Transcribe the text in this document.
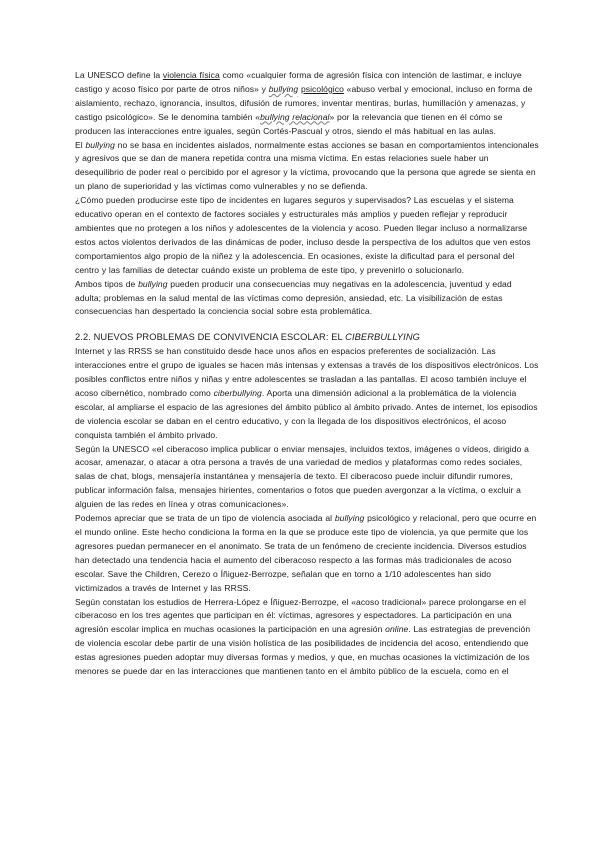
La UNESCO define la violencia física como «cualquier forma de agresión física con intención de lastimar, e incluye castigo y acoso físico por parte de otros niños» y bullying psicológico «abuso verbal y emocional, incluso en forma de aislamiento, rechazo, ignorancia, insultos, difusión de rumores, inventar mentiras, burlas, humillación y amenazas, y castigo psicológico». Se le denomina también «bullying relacional» por la relevancia que tienen en él cómo se producen las interacciones entre iguales, según Cortés-Pascual y otros, siendo el más habitual en las aulas.

El bullying no se basa en incidentes aislados, normalmente estas acciones se basan en comportamientos intencionales y agresivos que se dan de manera repetida contra una misma víctima. En estas relaciones suele haber un desequilibrio de poder real o percibido por el agresor y la víctima, provocando que la persona que agrede se sienta en un plano de superioridad y las víctimas como vulnerables y no se defienda.

¿Cómo pueden producirse este tipo de incidentes en lugares seguros y supervisados? Las escuelas y el sistema educativo operan en el contexto de factores sociales y estructurales más amplios y pueden reflejar y reproducir ambientes que no protegen a los niños y adolescentes de la violencia y acoso. Pueden llegar incluso a normalizarse estos actos violentos derivados de las dinámicas de poder, incluso desde la perspectiva de los adultos que ven estos comportamientos algo propio de la niñez y la adolescencia. En ocasiones, existe la dificultad para el personal del centro y las familias de detectar cuándo existe un problema de este tipo, y prevenirlo o solucionarlo.

Ambos tipos de bullying pueden producir una consecuencias muy negativas en la adolescencia, juventud y edad adulta; problemas en la salud mental de las víctimas como depresión, ansiedad, etc. La visibilización de estas consecuencias han despertado la conciencia social sobre esta problemática.

2.2. NUEVOS PROBLEMAS DE CONVIVENCIA ESCOLAR: EL CIBERBULLYING

Internet y las RRSS se han constituido desde hace unos años en espacios preferentes de socialización. Las interacciones entre el grupo de iguales se hacen más intensas y extensas a través de los dispositivos electrónicos. Los posibles conflictos entre niños y niñas y entre adolescentes se trasladan a las pantallas. El acoso también incluye el acoso cibernético, nombrado como ciberbullying. Aporta una dimensión adicional a la problemática de la violencia escolar, al ampliarse el espacio de las agresiones del ámbito público al ámbito privado. Antes de internet, los episodios de violencia escolar se daban en el centro educativo, y con la llegada de los dispositivos electrónicos, el acoso conquista también el ámbito privado.

Según la UNESCO «el ciberacoso implica publicar o enviar mensajes, incluidos textos, imágenes o vídeos, dirigido a acosar, amenazar, o atacar a otra persona a través de una variedad de medios y plataformas como redes sociales, salas de chat, blogs, mensajería instantánea y mensajería de texto. El ciberacoso puede incluir difundir rumores, publicar información falsa, mensajes hirientes, comentarios o fotos que pueden avergonzar a la víctima, o excluir a alguien de las redes en línea y otras comunicaciones».

Podemos apreciar que se trata de un tipo de violencia asociada al bullying psicológico y relacional, pero que ocurre en el mundo online. Este hecho condiciona la forma en la que se produce este tipo de violencia, ya que permite que los agresores puedan permanecer en el anonimato. Se trata de un fenómeno de creciente incidencia. Diversos estudios han detectado una tendencia hacia el aumento del ciberacoso respecto a las formas más tradicionales de acoso escolar. Save the Children, Cerezo o Íñiguez-Berrozpe, señalan que en torno a 1/10 adolescentes han sido victimizados a través de Internet y las RRSS.

Según constatan los estudios de Herrera-López e Íñiguez-Berrozpe, el «acoso tradicional» parece prolongarse en el ciberacoso en los tres agentes que participan en él: víctimas, agresores y espectadores. La participación en una agresión escolar implica en muchas ocasiones la participación en una agresión online. Las estrategias de prevención de violencia escolar debe partir de una visión holística de las posibilidades de incidencia del acoso, entendiendo que estas agresiones pueden adoptar muy diversas formas y medios, y que, en muchas ocasiones la victimización de los menores se puede dar en las interacciones que mantienen tanto en el ámbito público de la escuela, como en el
